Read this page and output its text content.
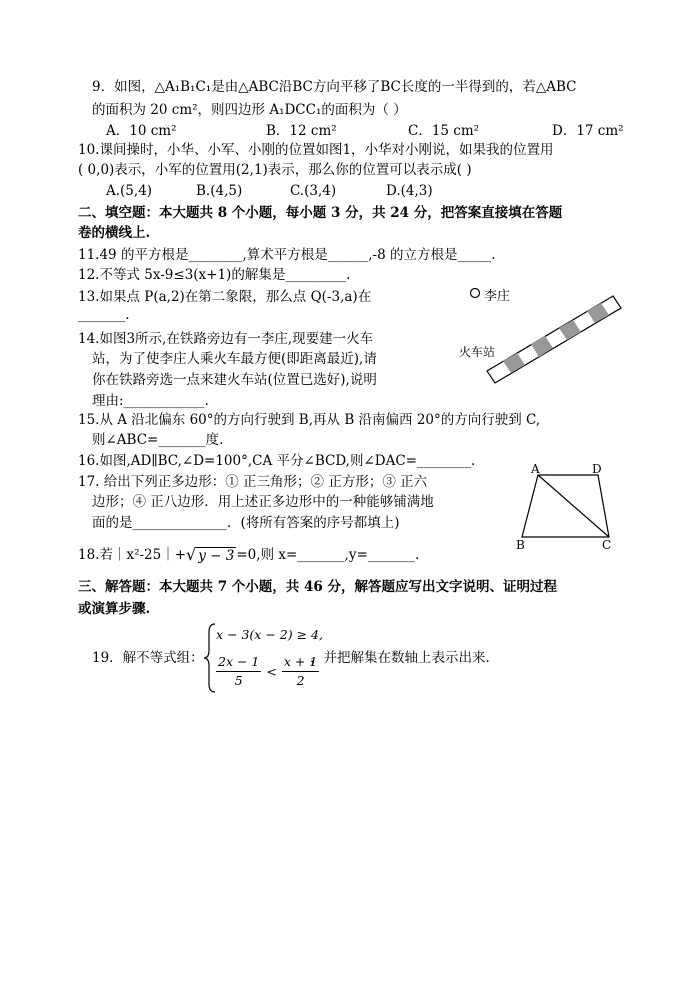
9．如图，△A₁B₁C₁是由△ABC沿BC方向平移了BC长度的一半得到的，若△ABC
的面积为 20 cm²，则四边形 A₁DCC₁的面积为（ ）
A．10 cm²	B．12 cm²	C．15 cm²	D．17 cm²
10.课间操时，小华、小军、小刚的位置如图1，小华对小刚说，如果我的位置用
( 0,0)表示，小军的位置用(2,1)表示，那么你的位置可以表示成( )
A.(5,4)	B.(4,5)	C.(3,4)	D.(4,3)
二、填空题：本大题共 8 个小题，每小题 3 分，共 24 分，把答案直接填在答题
卷的横线上.
11.49 的平方根是________,算术平方根是______,-8 的立方根是_____.
12.不等式 5x-9≤3(x+1)的解集是_________.
13.如果点 P(a,2)在第二象限，那么点 Q(-3,a)在
_______.
14.如图3所示,在铁路旁边有一李庄,现要建一火车
站，为了使李庄人乘火车最方便(即距离最近),请
你在铁路旁选一点来建火车站(位置已选好),说明
理由:____________.
李庄
火车站
15.从 A 沿北偏东 60°的方向行驶到 B,再从 B 沿南偏西 20°的方向行驶到 C,
则∠ABC=_______度.
16.如图,AD∥BC,∠D=100°,CA 平分∠BCD,则∠DAC=________.
17. 给出下列正多边形：① 正三角形；② 正方形；③ 正六
边形；④ 正八边形．用上述正多边形中的一种能够铺满地
面的是______________．(将所有答案的序号都填上)
A	D
B	C
18.若｜x²-25｜+ √ y − 3 =0,则 x=_______,y=_______.
三、解答题：本大题共 7 个小题，共 46 分，解答题应写出文字说明、证明过程
或演算步骤.
19．解不等式组：
x − 3(x − 2) ≥ 4,
$\frac{2x - 1}{5} < \frac{x + 1}{2}$
，并把解集在数轴上表示出来.
